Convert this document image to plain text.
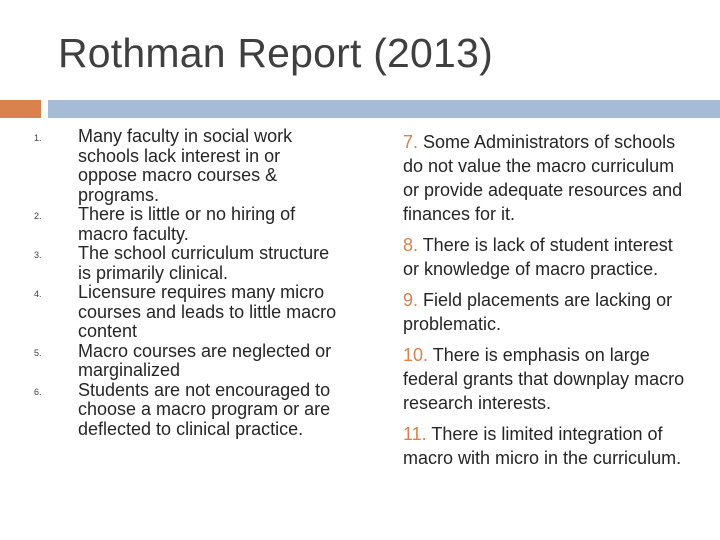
Rothman Report (2013)
1. Many faculty in social work schools lack interest in or oppose macro courses & programs.
2. There is little or no hiring of macro faculty.
3. The school curriculum structure is primarily clinical.
4. Licensure requires many micro courses and leads to little macro content
5. Macro courses are neglected or marginalized
6. Students are not encouraged to choose a macro program or are deflected to clinical practice.
7. Some Administrators of schools do not value the macro curriculum or provide adequate resources and finances for it.
8. There is lack of student interest or knowledge of macro practice.
9. Field placements are lacking or problematic.
10. There is emphasis on large federal grants that downplay macro research interests.
11. There is limited integration of macro with micro in the curriculum.
